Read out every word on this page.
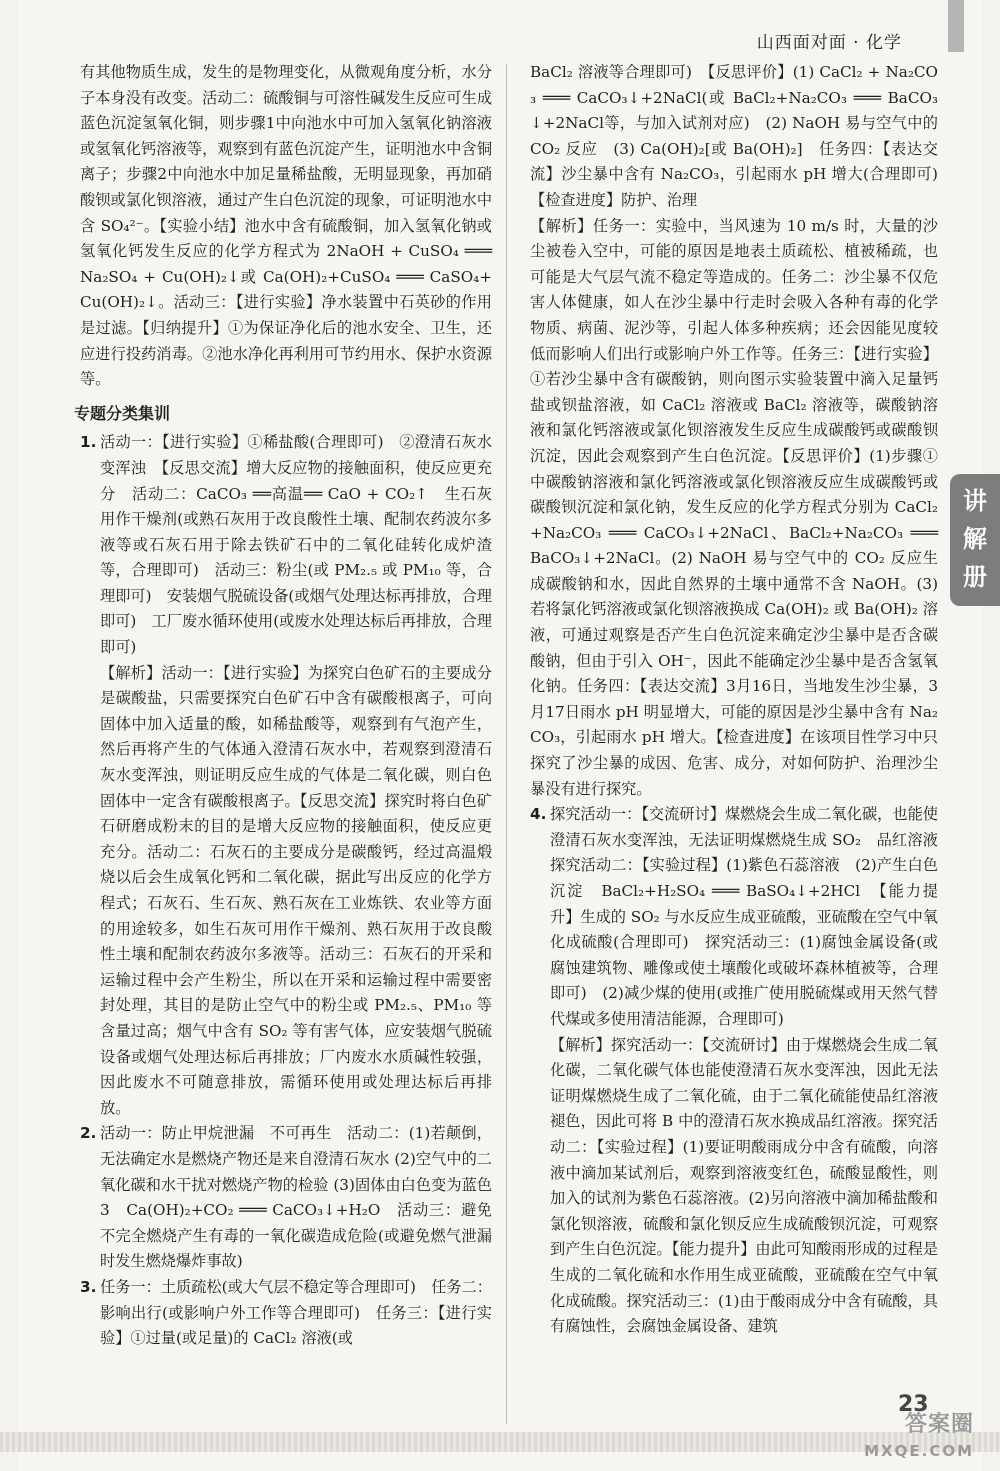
山西面对面 · 化学

有其他物质生成，发生的是物理变化，从微观角度分析，水分子本身没有改变。活动二：硫酸铜与可溶性碱发生反应可生成蓝色沉淀氢氧化铜，则步骤1中向池水中可加入氢氧化钠溶液或氢氧化钙溶液等，观察到有蓝色沉淀产生，证明池水中含铜离子；步骤2中向池水中加足量稀盐酸，无明显现象，再加硝酸钡或氯化钡溶液，通过产生白色沉淀的现象，可证明池水中含 SO₄²⁻。【实验小结】池水中含有硫酸铜，加入氢氧化钠或氢氧化钙发生反应的化学方程式为 2NaOH + CuSO₄ ═══ Na₂SO₄ + Cu(OH)₂↓或 Ca(OH)₂+CuSO₄ ═══ CaSO₄+Cu(OH)₂↓。活动三：【进行实验】净水装置中石英砂的作用是过滤。【归纳提升】①为保证净化后的池水安全、卫生，还应进行投药消毒。②池水净化再利用可节约用水、保护水资源等。

专题分类集训
1. 活动一：【进行实验】①稀盐酸(合理即可)　②澄清石灰水变浑浊　【反思交流】增大反应物的接触面积，使反应更充分　活动二：CaCO₃ ══高温══ CaO + CO₂↑　生石灰用作干燥剂(或熟石灰用于改良酸性土壤、配制农药波尔多液等或石灰石用于除去铁矿石中的二氧化硅转化成炉渣等，合理即可)　活动三：粉尘(或 PM₂.₅ 或 PM₁₀ 等，合理即可)　安装烟气脱硫设备(或烟气处理达标再排放，合理即可)　工厂废水循环使用(或废水处理达标后再排放，合理即可)

【解析】活动一：【进行实验】为探究白色矿石的主要成分是碳酸盐，只需要探究白色矿石中含有碳酸根离子，可向固体中加入适量的酸，如稀盐酸等，观察到有气泡产生，然后再将产生的气体通入澄清石灰水中，若观察到澄清石灰水变浑浊，则证明反应生成的气体是二氧化碳，则白色固体中一定含有碳酸根离子。【反思交流】探究时将白色矿石研磨成粉末的目的是增大反应物的接触面积，使反应更充分。活动二：石灰石的主要成分是碳酸钙，经过高温煅烧以后会生成氧化钙和二氧化碳，据此写出反应的化学方程式；石灰石、生石灰、熟石灰在工业炼铁、农业等方面的用途较多，如生石灰可用作干燥剂、熟石灰用于改良酸性土壤和配制农药波尔多液等。活动三：石灰石的开采和运输过程中会产生粉尘，所以在开采和运输过程中需要密封处理，其目的是防止空气中的粉尘或 PM₂.₅、PM₁₀ 等含量过高；烟气中含有 SO₂ 等有害气体，应安装烟气脱硫设备或烟气处理达标后再排放；厂内废水水质碱性较强，因此废水不可随意排放，需循环使用或处理达标后再排放。

2. 活动一：防止甲烷泄漏　不可再生　活动二：(1)若颠倒，无法确定水是燃烧产物还是来自澄清石灰水 (2)空气中的二氧化碳和水干扰对燃烧产物的检验 (3)固体由白色变为蓝色　3　Ca(OH)₂+CO₂ ═══ CaCO₃↓+H₂O　活动三：避免不完全燃烧产生有毒的一氧化碳造成危险(或避免燃气泄漏时发生燃烧爆炸事故)

3. 任务一：土质疏松(或大气层不稳定等合理即可)　任务二：影响出行(或影响户外工作等合理即可)　任务三：【进行实验】①过量(或足量)的 CaCl₂ 溶液(或

BaCl₂ 溶液等合理即可)　【反思评价】(1) CaCl₂ + Na₂CO₃ ═══ CaCO₃↓+2NaCl(或 BaCl₂+Na₂CO₃ ═══ BaCO₃↓+2NaCl等，与加入试剂对应)　(2) NaOH 易与空气中的 CO₂ 反应　(3) Ca(OH)₂[或 Ba(OH)₂]　任务四：【表达交流】沙尘暴中含有 Na₂CO₃，引起雨水 pH 增大(合理即可)　【检查进度】防护、治理

【解析】任务一：实验中，当风速为 10 m/s 时，大量的沙尘被卷入空中，可能的原因是地表土质疏松、植被稀疏，也可能是大气层气流不稳定等造成的。任务二：沙尘暴不仅危害人体健康，如人在沙尘暴中行走时会吸入各种有毒的化学物质、病菌、泥沙等，引起人体多种疾病；还会因能见度较低而影响人们出行或影响户外工作等。任务三：【进行实验】①若沙尘暴中含有碳酸钠，则向图示实验装置中滴入足量钙盐或钡盐溶液，如 CaCl₂ 溶液或 BaCl₂ 溶液等，碳酸钠溶液和氯化钙溶液或氯化钡溶液发生反应生成碳酸钙或碳酸钡沉淀，因此会观察到产生白色沉淀。【反思评价】(1)步骤①中碳酸钠溶液和氯化钙溶液或氯化钡溶液反应生成碳酸钙或碳酸钡沉淀和氯化钠，发生反应的化学方程式分别为 CaCl₂+Na₂CO₃ ═══ CaCO₃↓+2NaCl、BaCl₂+Na₂CO₃ ═══ BaCO₃↓+2NaCl。(2) NaOH 易与空气中的 CO₂ 反应生成碳酸钠和水，因此自然界的土壤中通常不含 NaOH。(3)若将氯化钙溶液或氯化钡溶液换成 Ca(OH)₂ 或 Ba(OH)₂ 溶液，可通过观察是否产生白色沉淀来确定沙尘暴中是否含碳酸钠，但由于引入 OH⁻，因此不能确定沙尘暴中是否含氢氧化钠。任务四：【表达交流】3月16日，当地发生沙尘暴，3月17日雨水 pH 明显增大，可能的原因是沙尘暴中含有 Na₂CO₃，引起雨水 pH 增大。【检查进度】在该项目性学习中只探究了沙尘暴的成因、危害、成分，对如何防护、治理沙尘暴没有进行探究。

4. 探究活动一：【交流研讨】煤燃烧会生成二氧化碳，也能使澄清石灰水变浑浊，无法证明煤燃烧生成 SO₂　品红溶液　探究活动二：【实验过程】(1)紫色石蕊溶液　(2)产生白色沉淀　BaCl₂+H₂SO₄ ═══ BaSO₄↓+2HCl　【能力提升】生成的 SO₂ 与水反应生成亚硫酸，亚硫酸在空气中氧化成硫酸(合理即可)　探究活动三：(1)腐蚀金属设备(或腐蚀建筑物、雕像或使土壤酸化或破坏森林植被等，合理即可)　(2)减少煤的使用(或推广使用脱硫煤或用天然气替代煤或多使用清洁能源，合理即可)

【解析】探究活动一：【交流研讨】由于煤燃烧会生成二氧化碳，二氧化碳气体也能使澄清石灰水变浑浊，因此无法证明煤燃烧生成了二氧化硫，由于二氧化硫能使品红溶液褪色，因此可将 B 中的澄清石灰水换成品红溶液。探究活动二：【实验过程】(1)要证明酸雨成分中含有硫酸，向溶液中滴加某试剂后，观察到溶液变红色，硫酸显酸性，则加入的试剂为紫色石蕊溶液。(2)另向溶液中滴加稀盐酸和氯化钡溶液，硫酸和氯化钡反应生成硫酸钡沉淀，可观察到产生白色沉淀。【能力提升】由此可知酸雨形成的过程是生成的二氧化硫和水作用生成亚硫酸，亚硫酸在空气中氧化成硫酸。探究活动三：(1)由于酸雨成分中含有硫酸，具有腐蚀性，会腐蚀金属设备、建筑

23
讲
解
册
答案圈
MXQE.COM
